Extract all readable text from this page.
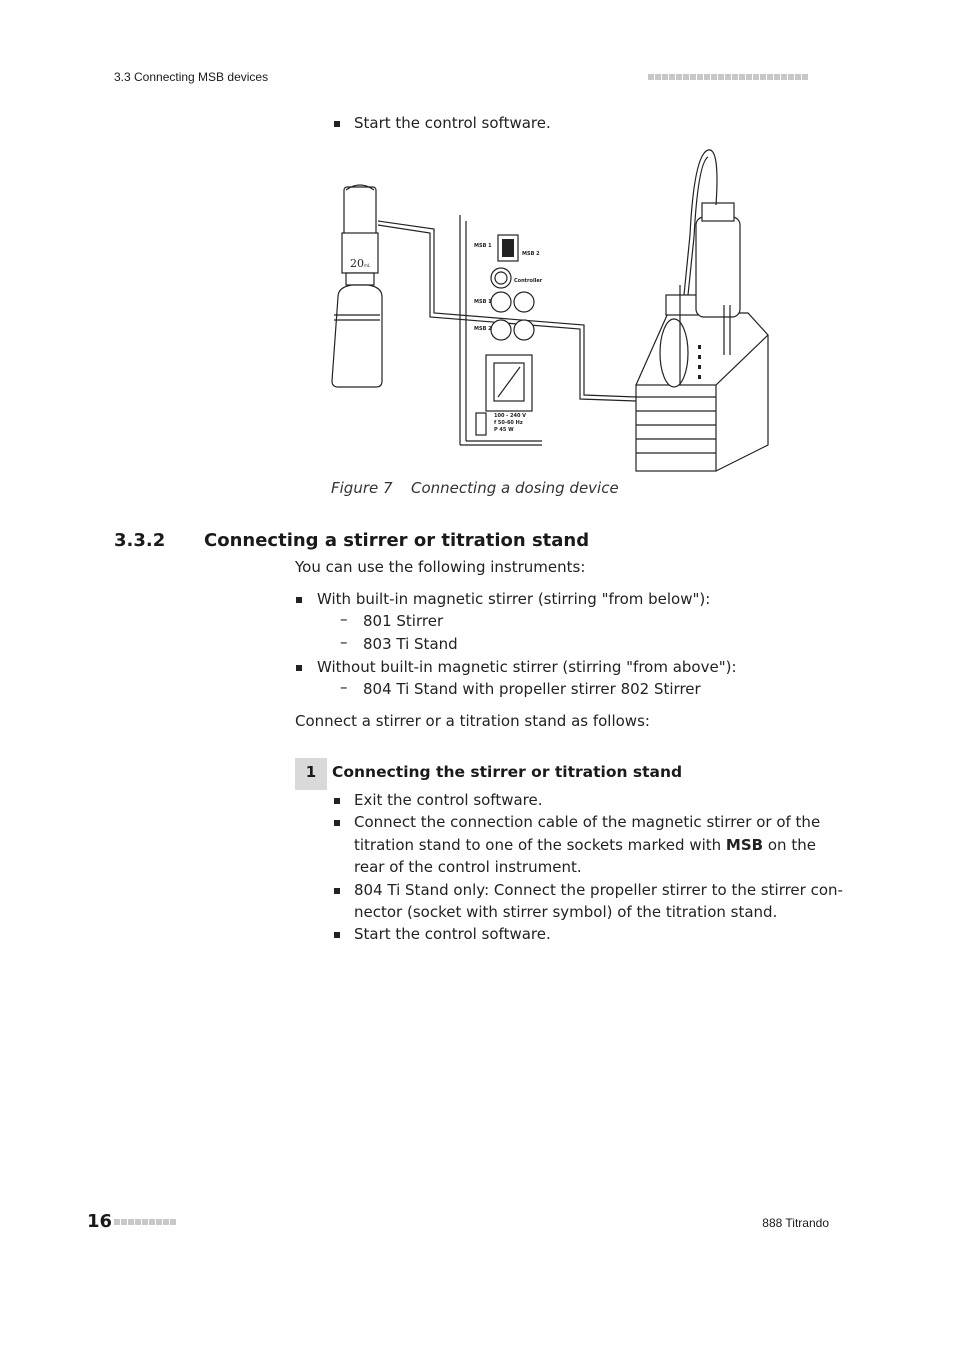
3.3 Connecting MSB devices
Start the control software.
MSB 1
MSB 2
Controller
MSB 1
MSB 2
100 - 240 V
f 50-60 Hz
P 45 W
20 mL
Figure 7 Connecting a dosing device
3.3.2 Connecting a stirrer or titration stand
You can use the following instruments:
With built-in magnetic stirrer (stirring "from below"):
– 801 Stirrer
– 803 Ti Stand
Without built-in magnetic stirrer (stirring "from above"):
– 804 Ti Stand with propeller stirrer 802 Stirrer
Connect a stirrer or a titration stand as follows:
1	Connecting the stirrer or titration stand
Exit the control software.
Connect the connection cable of the magnetic stirrer or of the
titration stand to one of the sockets marked with MSB on the
rear of the control instrument.
804 Ti Stand only: Connect the propeller stirrer to the stirrer con-
nector (socket with stirrer symbol) of the titration stand.
Start the control software.
16	888 Titrando
